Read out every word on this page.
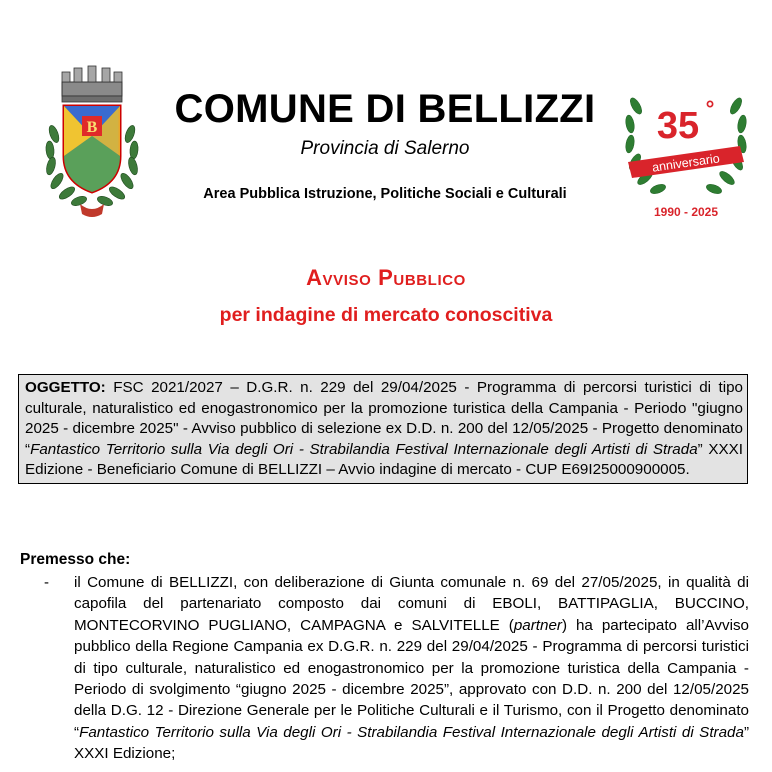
B	35 °
anniversario
1990 - 2025
COMUNE DI BELLIZZI
Provincia di Salerno
Area Pubblica Istruzione, Politiche Sociali e Culturali
Avviso Pubblico
per indagine di mercato conoscitiva
OGGETTO: FSC 2021/2027 – D.G.R. n. 229 del 29/04/2025 - Programma di percorsi turistici di tipo culturale, naturalistico ed enogastronomico per la promozione turistica della Campania - Periodo "giugno 2025 - dicembre 2025" - Avviso pubblico di selezione ex D.D. n. 200 del 12/05/2025 - Progetto denominato “Fantastico Territorio sulla Via degli Ori - Strabilandia Festival Internazionale degli Artisti di Strada” XXXI Edizione - Beneficiario Comune di BELLIZZI – Avvio indagine di mercato - CUP E69I25000900005.
Premesso che:
- il Comune di BELLIZZI, con deliberazione di Giunta comunale n. 69 del 27/05/2025, in qualità di capofila del partenariato composto dai comuni di EBOLI, BATTIPAGLIA, BUCCINO, MONTECORVINO PUGLIANO, CAMPAGNA e SALVITELLE (partner) ha partecipato all’Avviso pubblico della Regione Campania ex D.G.R. n. 229 del 29/04/2025 - Programma di percorsi turistici di tipo culturale, naturalistico ed enogastronomico per la promozione turistica della Campania - Periodo di svolgimento “giugno 2025 - dicembre 2025”, approvato con D.D. n. 200 del 12/05/2025 della D.G. 12 - Direzione Generale per le Politiche Culturali e il Turismo, con il Progetto denominato “Fantastico Territorio sulla Via degli Ori - Strabilandia Festival Internazionale degli Artisti di Strada” XXXI Edizione;
